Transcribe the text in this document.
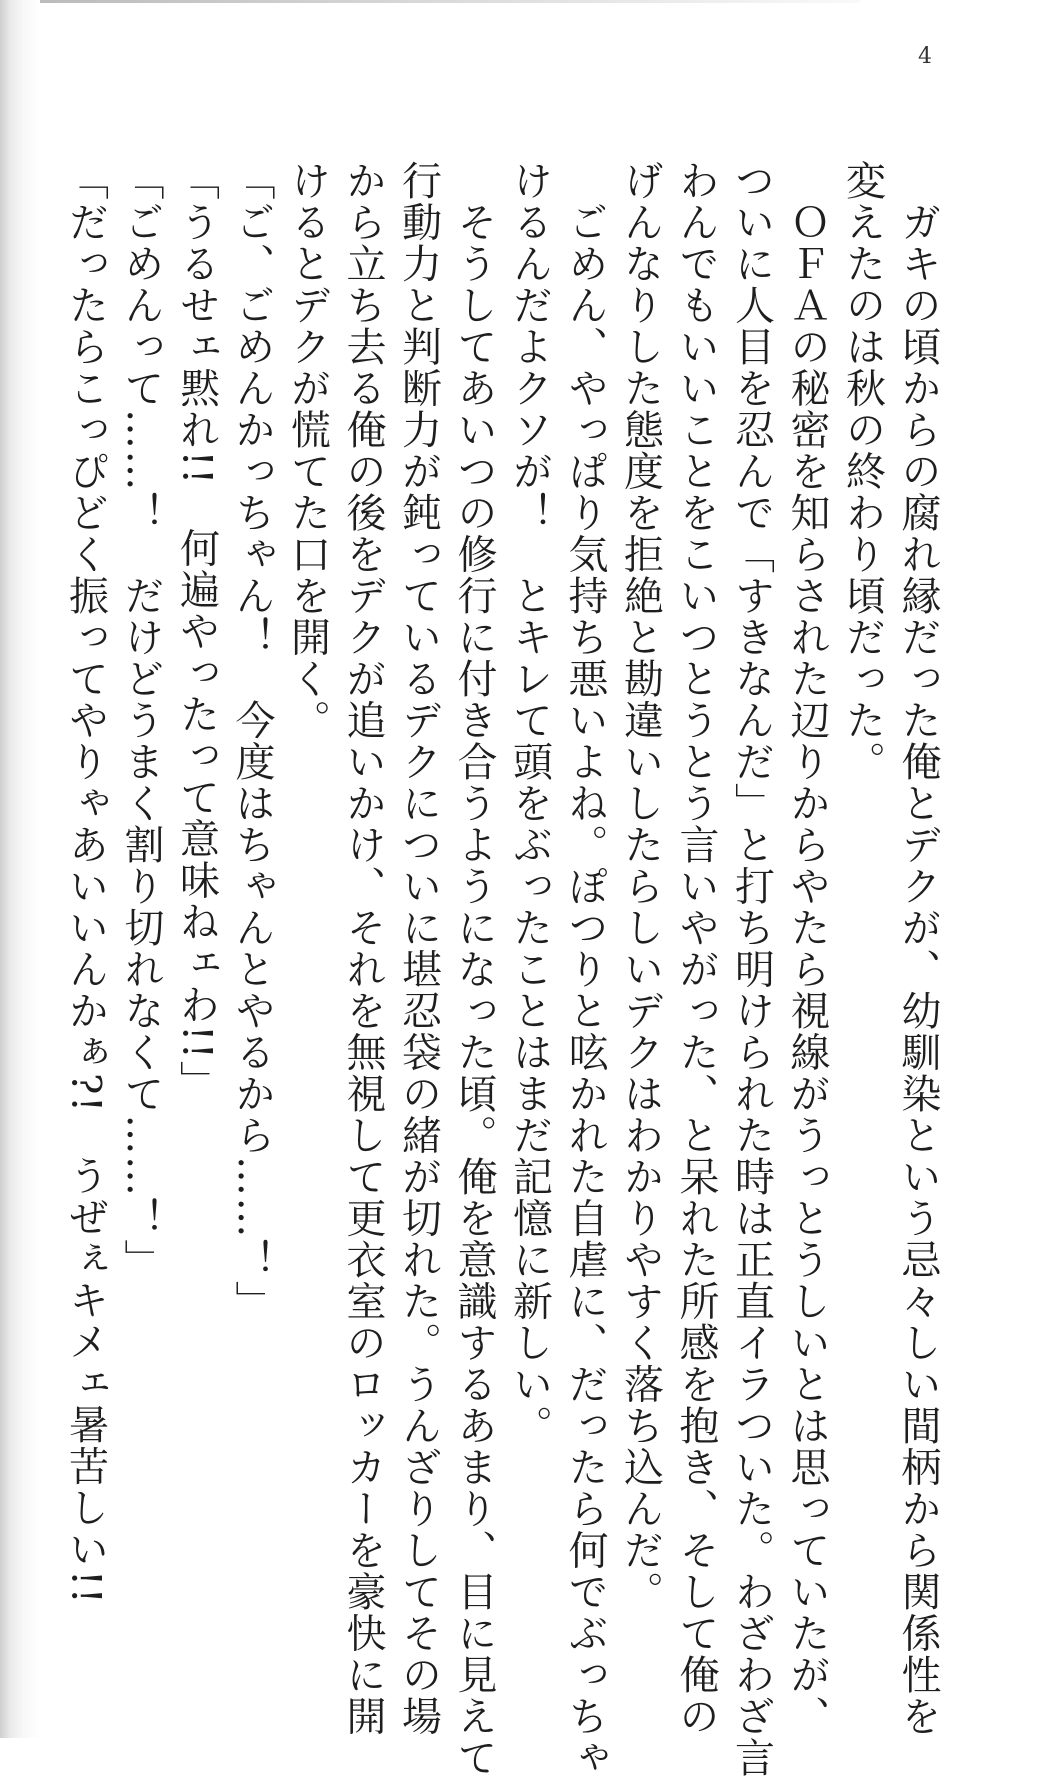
4
　ガキの頃からの腐れ縁だった俺とデクが、幼馴染という忌々しい間柄から関係性を
変えたのは秋の終わり頃だった。
　ＯＦＡの秘密を知らされた辺りからやたら視線がうっとうしいとは思っていたが、
ついに人目を忍んで「すきなんだ」と打ち明けられた時は正直イラついた。わざわざ言
わんでもいいことをこいつとうとう言いやがった、と呆れた所感を抱き、そして俺の
げんなりした態度を拒絶と勘違いしたらしいデクはわかりやすく落ち込んだ。
　ごめん、やっぱり気持ち悪いよね。ぽつりと呟かれた自虐に、だったら何でぶっちゃ
けるんだよクソが！　とキレて頭をぶったことはまだ記憶に新しい。
　そうしてあいつの修行に付き合うようになった頃。俺を意識するあまり、目に見えて
行動力と判断力が鈍っているデクについに堪忍袋の緒が切れた。うんざりしてその場
から立ち去る俺の後をデクが追いかけ、それを無視して更衣室のロッカーを豪快に開
けるとデクが慌てた口を開く。
「ご、ごめんかっちゃん！　今度はちゃんとやるから……！」
「うるせェ黙れ!!　何遍やったって意味ねェわ!!」
「ごめんって……！　だけどうまく割り切れなくて……！」
「だったらこっぴどく振ってやりゃあいいんかぁ?!　うぜぇキメェ暑苦しい!!
